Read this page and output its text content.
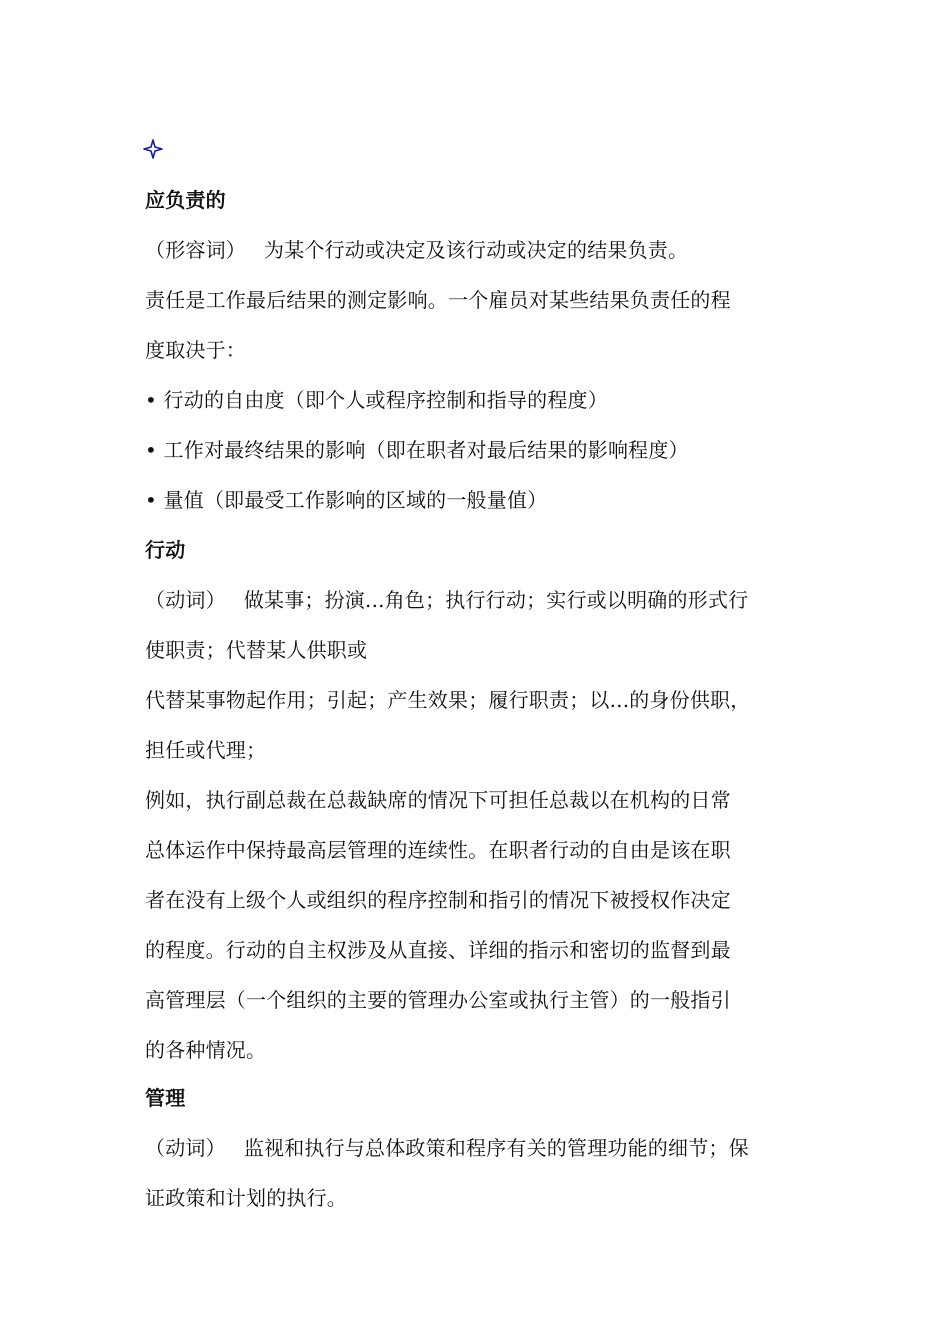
应负责的
（形容词） 为某个行动或决定及该行动或决定的结果负责。
责任是工作最后结果的测定影响。一个雇员对某些结果负责任的程
度取决于：
• 行动的自由度（即个人或程序控制和指导的程度）
• 工作对最终结果的影响（即在职者对最后结果的影响程度）
• 量值（即最受工作影响的区域的一般量值）
行动
（动词） 做某事；扮演...角色；执行行动；实行或以明确的形式行
使职责；代替某人供职或
代替某事物起作用；引起；产生效果；履行职责；以...的身份供职，
担任或代理；
例如，执行副总裁在总裁缺席的情况下可担任总裁以在机构的日常
总体运作中保持最高层管理的连续性。在职者行动的自由是该在职
者在没有上级个人或组织的程序控制和指引的情况下被授权作决定
的程度。行动的自主权涉及从直接、详细的指示和密切的监督到最
高管理层（一个组织的主要的管理办公室或执行主管）的一般指引
的各种情况。
管理
（动词） 监视和执行与总体政策和程序有关的管理功能的细节；保
证政策和计划的执行。
